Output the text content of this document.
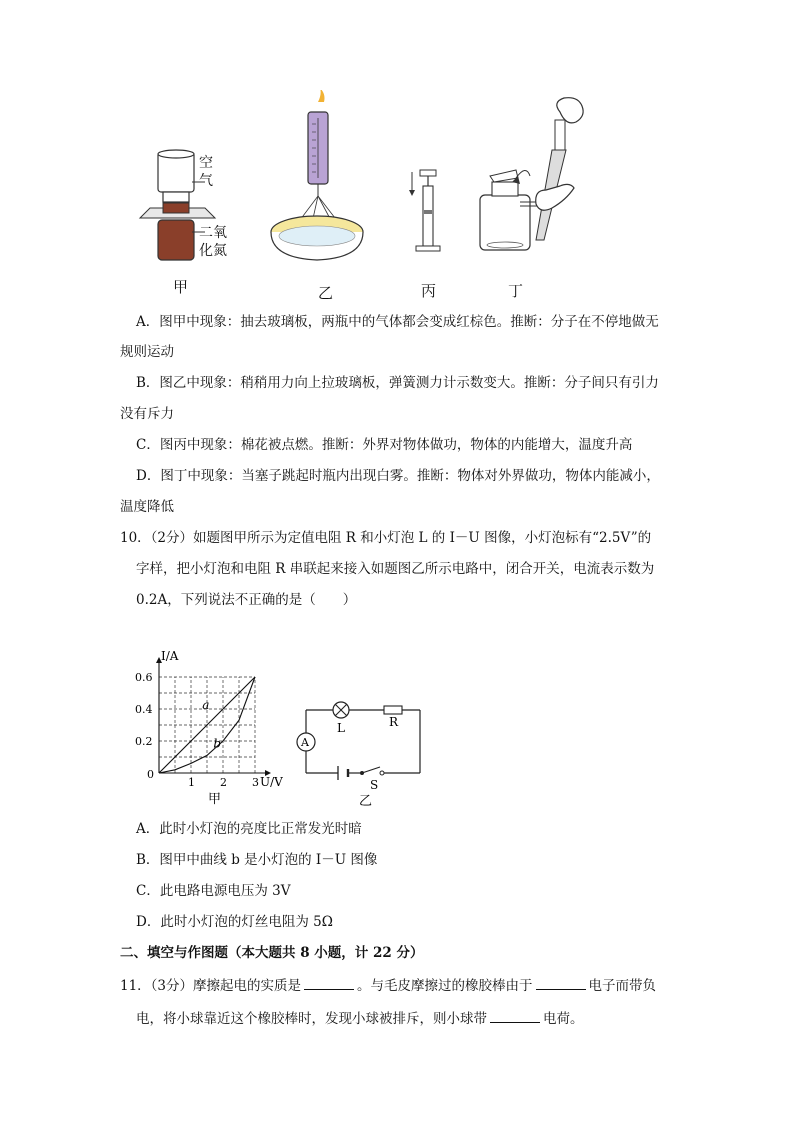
空
气
二氧
化氮
甲	乙	丙	丁
A．图甲中现象：抽去玻璃板，两瓶中的气体都会变成红棕色。推断：分子在不停地做无
规则运动
B．图乙中现象：稍稍用力向上拉玻璃板，弹簧测力计示数变大。推断：分子间只有引力
没有斥力
C．图丙中现象：棉花被点燃。推断：外界对物体做功，物体的内能增大，温度升高
D．图丁中现象：当塞子跳起时瓶内出现白雾。推断：物体对外界做功，物体内能减小，
温度降低
10．（2分）如题图甲所示为定值电阻 R 和小灯泡 L 的 I－U 图像，小灯泡标有“2.5V”的
字样，把小灯泡和电阻 R 串联起来接入如题图乙所示电路中，闭合开关，电流表示数为
0.2A，下列说法不正确的是（　　）
a
b
1 2 3
0.2
0.4
0.6
I/A
U/V
0
甲
L	R
A
S
乙
A．此时小灯泡的亮度比正常发光时暗
B．图甲中曲线 b 是小灯泡的 I－U 图像
C．此电路电源电压为 3V
D．此时小灯泡的灯丝电阻为 5Ω
二、填空与作图题（本大题共 8 小题，计 22 分）
11．（3分）摩擦起电的实质是	。与毛皮摩擦过的橡胶棒由于	电子而带负
电，将小球靠近这个橡胶棒时，发现小球被排斥，则小球带	电荷。
